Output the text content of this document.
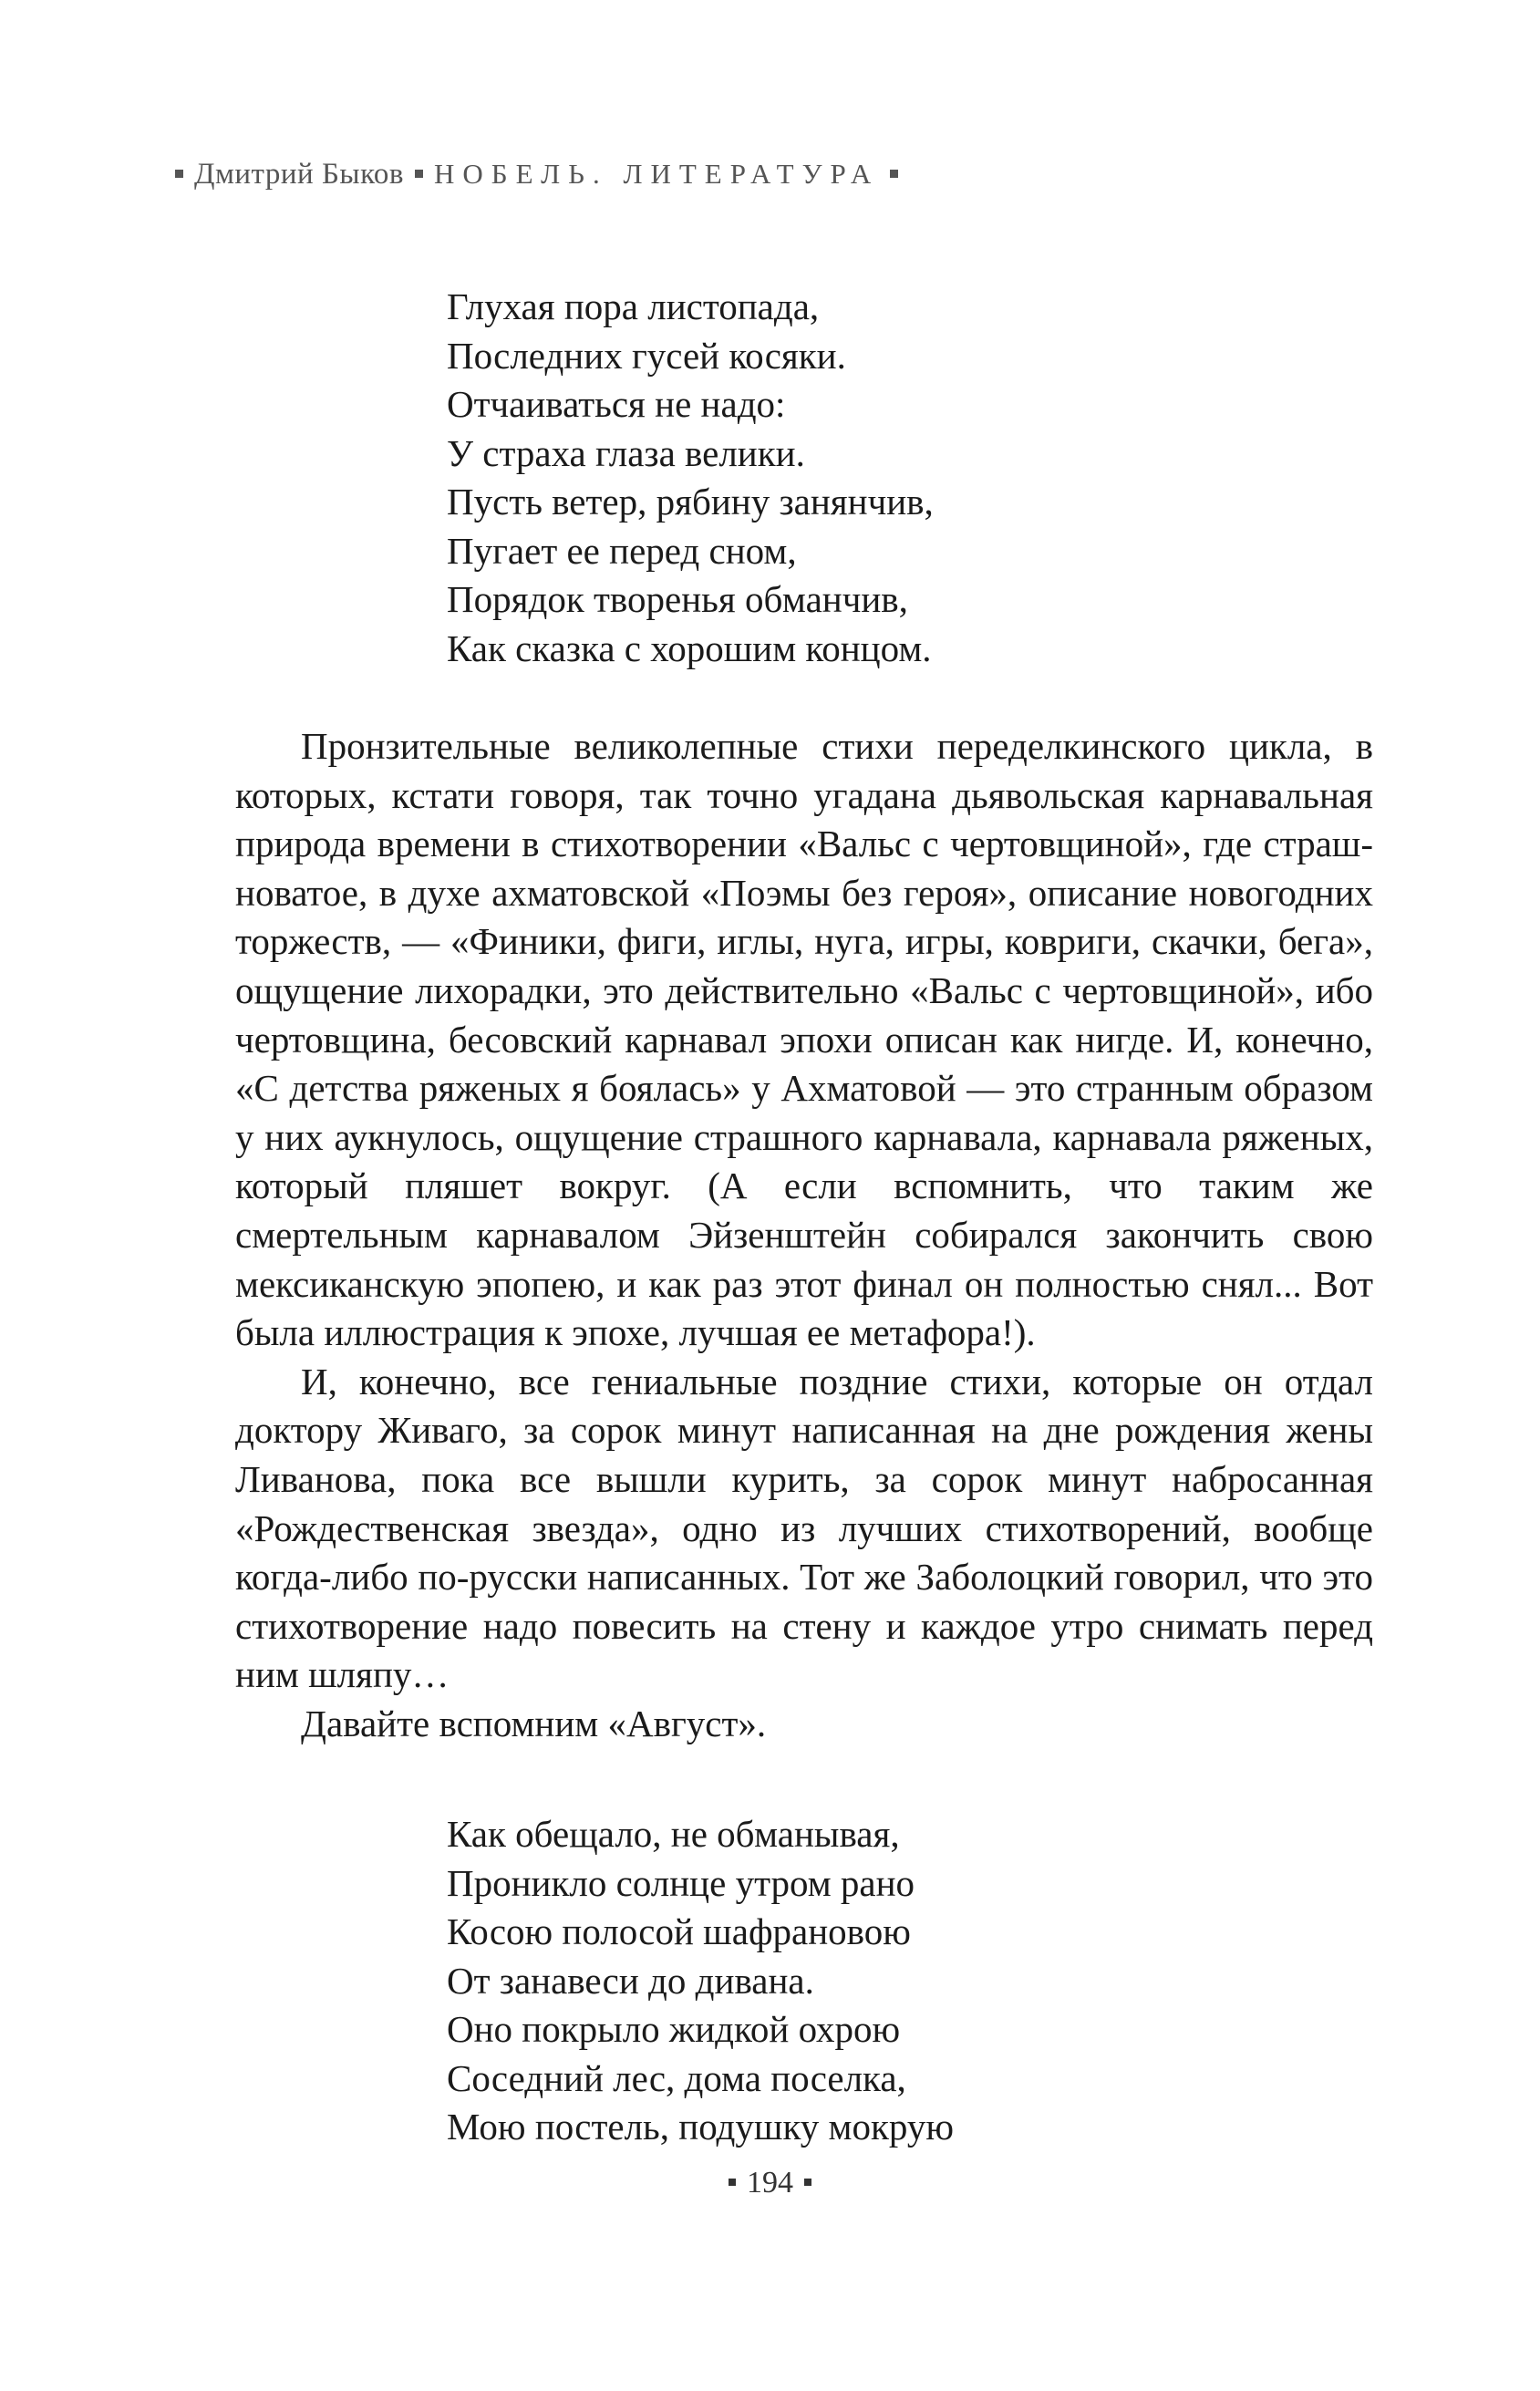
Дмитрий Быков НОБЕЛЬ. ЛИТЕРАТУРА
Глухая пора листопада,
Последних гусей косяки.
Отчаиваться не надо:
У страха глаза велики.
Пусть ветер, рябину занянчив,
Пугает ее перед сном,
Порядок творенья обманчив,
Как сказка с хорошим концом.

Пронзительные великолепные стихи переделкинского цикла, в которых, кстати говоря, так точно угадана дьявольская карнавальная природа времени в стихотворении «Вальс с чертовщиной», где страшноватое, в духе ахматовской «Поэмы без героя», описание новогодних торжеств, — «Финики, фиги, иглы, нуга, игры, ковриги, скачки, бега», ощущение лихорадки, это действительно «Вальс с чертовщиной», ибо чертовщина, бесовский карнавал эпохи описан как нигде. И, конечно, «С детства ряженых я боялась» у Ахматовой — это странным образом у них аукнулось, ощущение страшного карнавала, карнавала ряженых, который пляшет вокруг. (А если вспомнить, что таким же смертельным карнавалом Эйзенштейн собирался закончить свою мексиканскую эпопею, и как раз этот финал он полностью снял... Вот была иллюстрация к эпохе, лучшая ее метафора!).

И, конечно, все гениальные поздние стихи, которые он отдал доктору Живаго, за сорок минут написанная на дне рождения жены Ливанова, пока все вышли курить, за сорок минут набросанная «Рождественская звезда», одно из лучших стихотворений, вообще когда-либо по-русски написанных. Тот же Заболоцкий говорил, что это стихотворение надо повесить на стену и каждое утро снимать перед ним шляпу…

Давайте вспомним «Август».

Как обещало, не обманывая,
Проникло солнце утром рано
Косою полосой шафрановою
От занавеси до дивана.
Оно покрыло жидкой охрою
Соседний лес, дома поселка,
Мою постель, подушку мокрую
194
